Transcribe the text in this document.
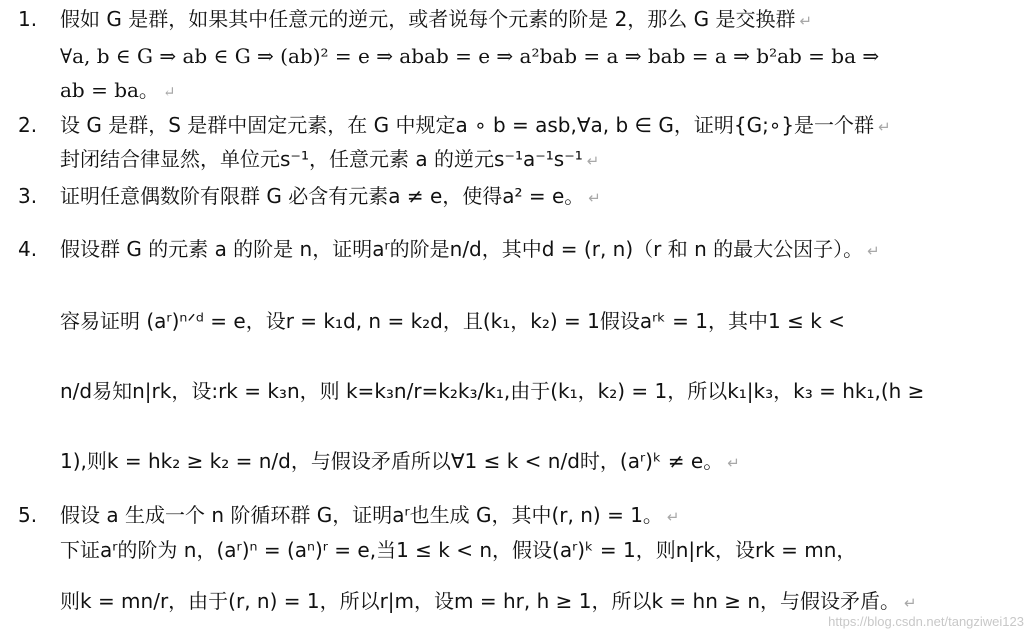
1. 假如 G 是群，如果其中任意元的逆元，或者说每个元素的阶是 2，那么 G 是交换群 ↵
∀a, b ∈ G ⇒ ab ∈ G ⇒ (ab)² = e ⇒ abab = e ⇒ a²bab = a ⇒ bab = a ⇒ b²ab = ba ⇒
ab = ba。 ↵
2. 设 G 是群，S 是群中固定元素，在 G 中规定a ∘ b = asb,∀a, b ∈ G，证明{G;∘}是一个群 ↵
封闭结合律显然，单位元s⁻¹，任意元素 a 的逆元s⁻¹a⁻¹s⁻¹ ↵
3. 证明任意偶数阶有限群 G 必含有元素a ≠ e，使得a² = e。 ↵
4. 假设群 G 的元素 a 的阶是 n，证明aʳ的阶是n/d，其中d = (r, n)（r 和 n 的最大公因子）。 ↵
容易证明 (aʳ)ⁿᐟᵈ = e，设r = k₁d, n = k₂d，且(k₁，k₂) = 1假设aʳᵏ = 1，其中1 ≤ k <
n/d易知n|rk，设:rk = k₃n，则 k=k₃n/r=k₂k₃/k₁,由于(k₁，k₂) = 1，所以k₁|k₃，k₃ = hk₁,(h ≥
1),则k = hk₂ ≥ k₂ = n/d，与假设矛盾所以∀1 ≤ k < n/d时，(aʳ)ᵏ ≠ e。 ↵
5. 假设 a 生成一个 n 阶循环群 G，证明aʳ也生成 G，其中(r, n) = 1。 ↵
下证aʳ的阶为 n，(aʳ)ⁿ = (aⁿ)ʳ = e,当1 ≤ k < n，假设(aʳ)ᵏ = 1，则n|rk，设rk = mn，
则k = mn/r，由于(r, n) = 1，所以r|m，设m = hr, h ≥ 1，所以k = hn ≥ n，与假设矛盾。 ↵
https://blog.csdn.net/tangziwei123
